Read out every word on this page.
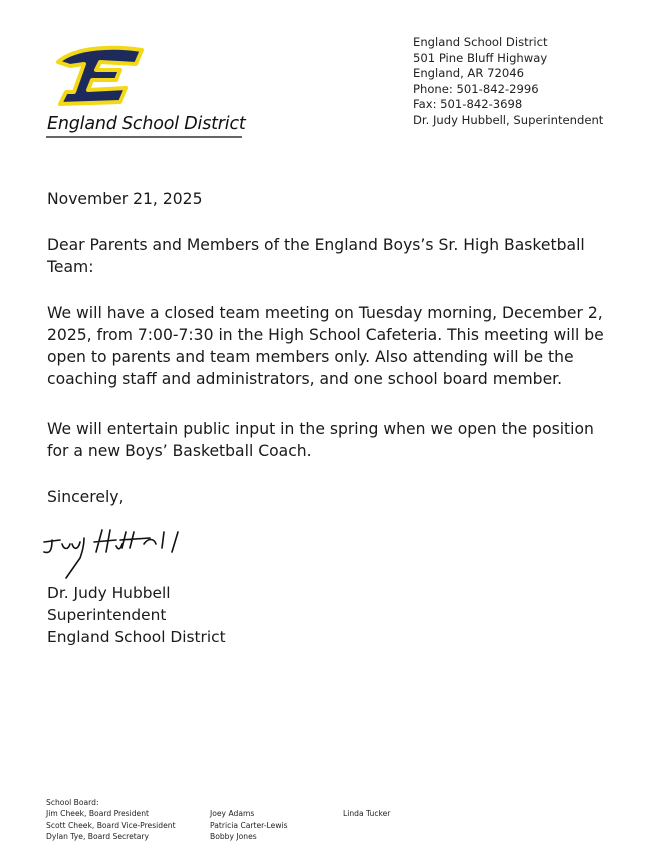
England School District
England School District
501 Pine Bluff Highway
England, AR 72046
Phone: 501-842-2996
Fax: 501-842-3698
Dr. Judy Hubbell, Superintendent
November 21, 2025
Dear Parents and Members of the England Boys’s Sr. High Basketball
Team:
We will have a closed team meeting on Tuesday morning, December 2,
2025, from 7:00-7:30 in the High School Cafeteria. This meeting will be
open to parents and team members only. Also attending will be the
coaching staff and administrators, and one school board member.
We will entertain public input in the spring when we open the position
for a new Boys’ Basketball Coach.
Sincerely,
Dr. Judy Hubbell
Superintendent
England School District
School Board:
Jim Cheek, Board President
Scott Cheek, Board Vice-President
Dylan Tye, Board Secretary
Joey Adams
Patricia Carter-Lewis
Bobby Jones
Linda Tucker
